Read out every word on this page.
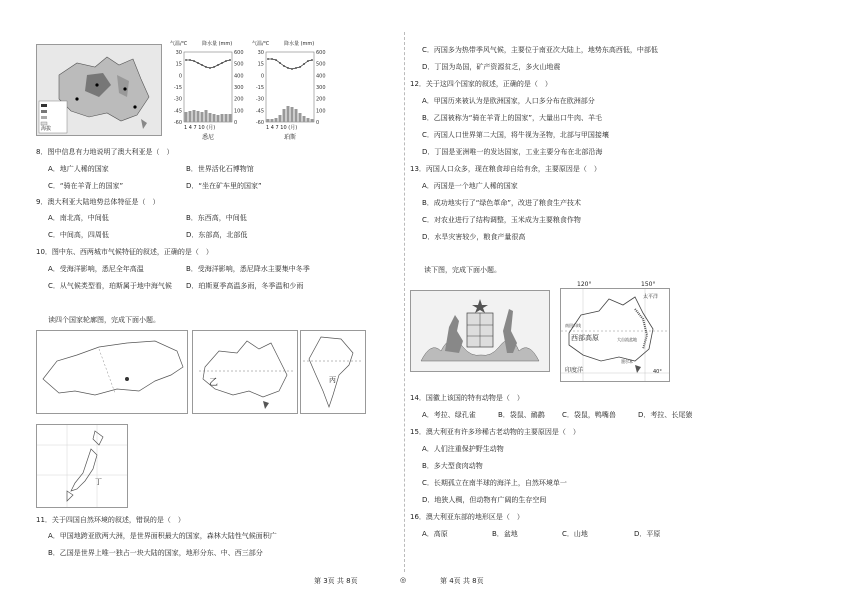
海拔
气温/℃	降水量 (mm)
30	600
15	500
0	400
-15	300
-30	200
-45	100
-60	0
1 4 7 10 (月)
悉尼
气温/℃	降水量 (mm)
30	600
15	500
0	400
-15	300
-30	200
-45	100
-60	0
1 4 7 10 (月)
珀斯
8．图中信息有力地说明了澳大利亚是（　）
A．地广人稀的国家	B．世界活化石博物馆
C．“骑在羊背上的国家”	D．“坐在矿车里的国家”
9．澳大利亚大陆地势总体特征是（　）
A．南北高，中间低	B．东西高，中间低
C．中间高，四周低	D．东部高，北部低
10．图中东、西两城市气候特征的叙述，正确的是（　）
A．受海洋影响，悉尼全年高温	B．受海洋影响，悉尼降水主要集中冬季
C．从气候类型看，珀斯属于地中海气候 D．珀斯夏季高温多雨，冬季温和少雨
读四个国家轮廓图，完成下面小题。
乙	丙
丁
11．关于四国自然环境的叙述，错误的是（　）
A．甲国地跨亚欧两大洲，是世界面积最大的国家，森林大陆性气候面积广
B．乙国是世界上唯一独占一块大陆的国家，地形分东、中、西三部分
C．丙国多为热带季风气候，主要位于南亚次大陆上，地势东高西低，中部低
D．丁国为岛国，矿产资源贫乏，多火山地震
12．关于这四个国家的叙述，正确的是（　）
A．甲国历来被认为是欧洲国家，人口多分布在欧洲部分
B．乙国被称为“骑在羊背上的国家”，大量出口牛肉、羊毛
C．丙国人口世界第二大国，将牛视为圣物，北部与甲国接壤
D．丁国是亚洲唯一的发达国家，工业主要分布在北部沿海
13．丙国人口众多，现在粮食却自给有余，主要原因是（　）
A．丙国是一个地广人稀的国家
B．成功地实行了“绿色革命”，改进了粮食生产技术
C．对农业进行了结构调整，玉米成为主要粮食作物
D．水旱灾害较少，粮食产量很高
读下图，完成下面小题。
120°	150°
太平洋
南回归线
西部高原	大自流盆地
印度洋	40°
墨尔本
14．国徽上该国的特有动物是（　）
A．考拉、绿孔雀	B．袋鼠、鸸鹋 C．袋鼠，鸭嘴兽	D．考拉、长尾猿
15．澳大利亚有许多珍稀古老动物的主要原因是（　）
A．人们注重保护野生动物
B．多大型食肉动物
C．长期孤立在南半球的海洋上，自然环境单一
D．地狭人稠，但动物有广阔的生存空间
16．澳大利亚东部的地形区是（　）
A．高原	B．盆地	C．山地	D．平原
第 3页 共 8页	◎	第 4页 共 8页
